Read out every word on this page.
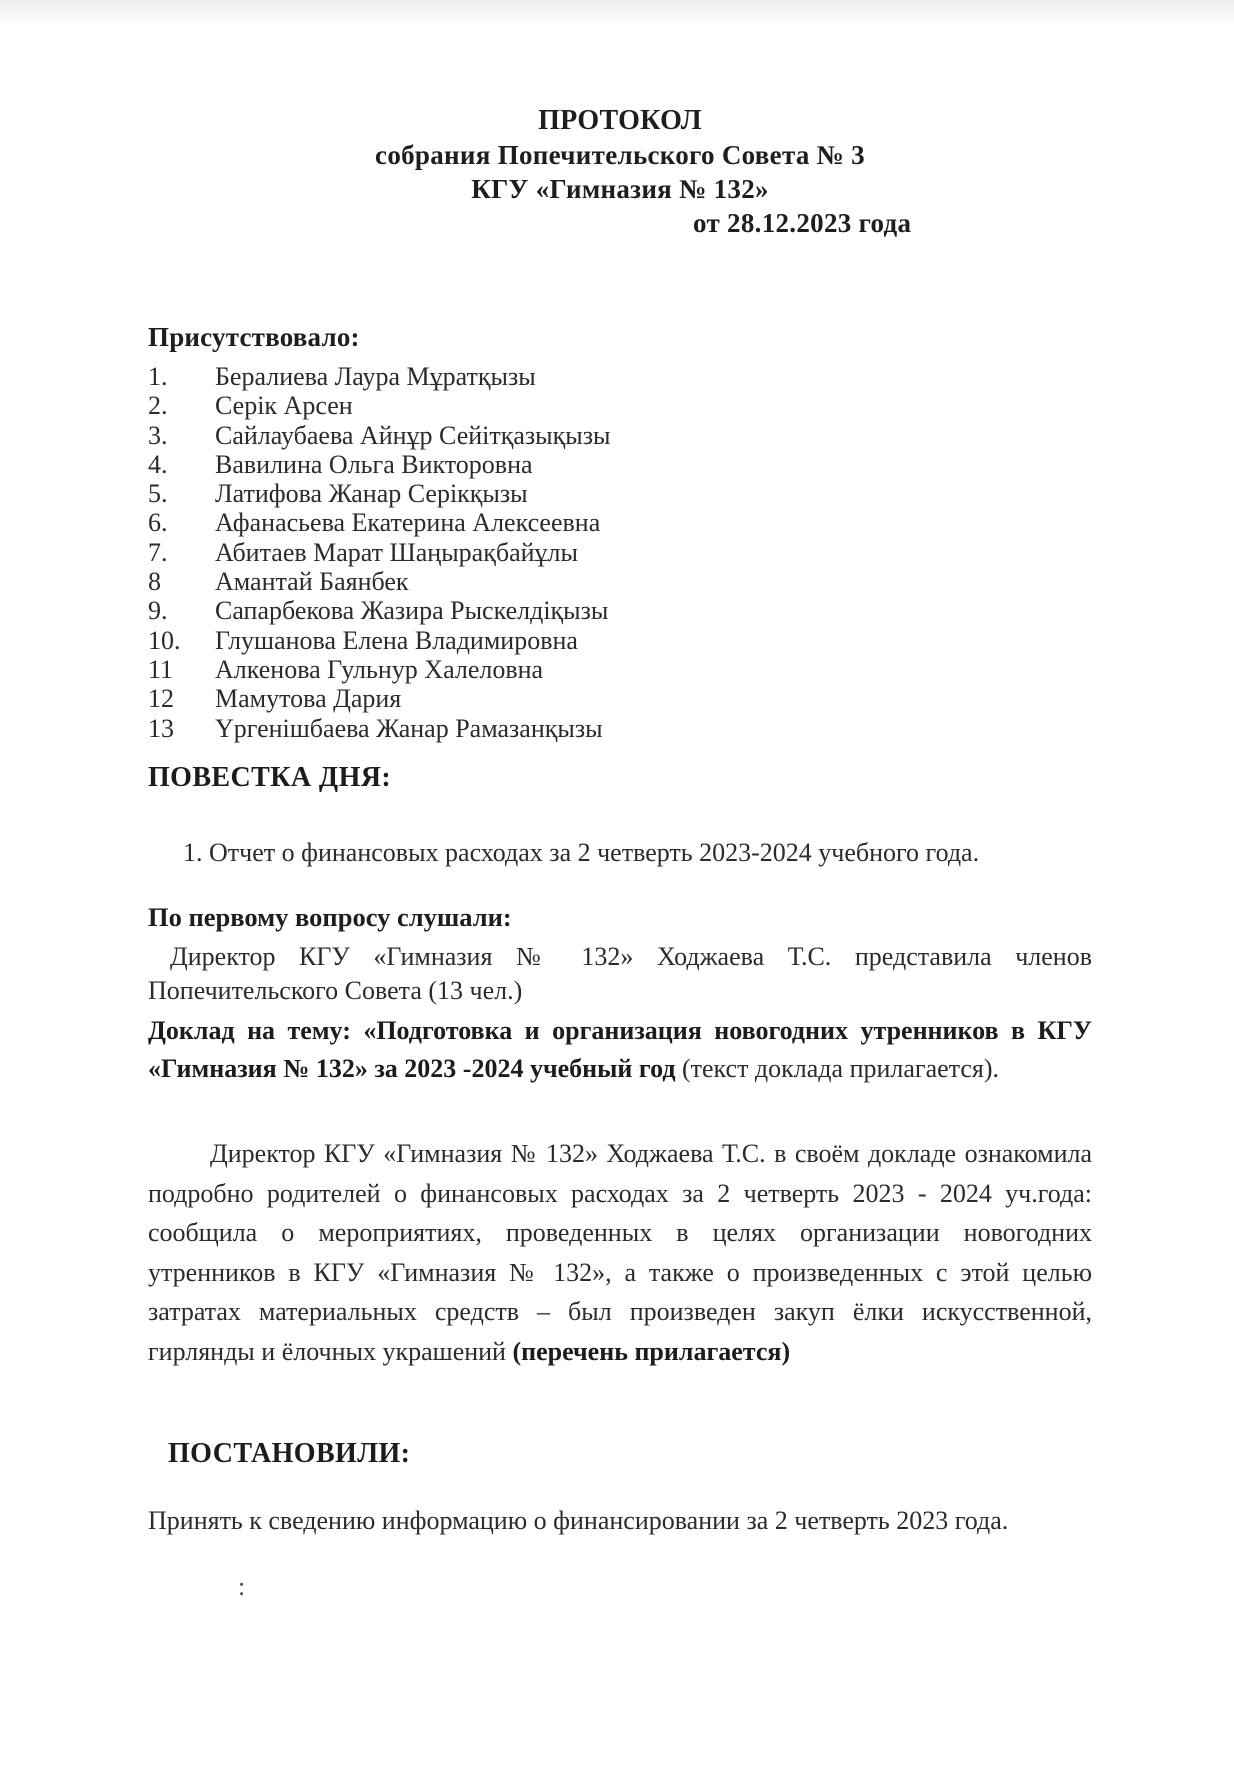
ПРОТОКОЛ
собрания Попечительского Совета № 3
КГУ «Гимназия № 132»
от 28.12.2023 года

Присутствовало:

1.	Бералиева Лаура Мұратқызы
2.	Серік Арсен
3.	Сайлаубаева Айнұр Сейітқазықызы
4.	Вавилина Ольга Викторовна
5.	Латифова Жанар Серікқызы
6.	Афанасьева Екатерина Алексеевна
7.	Абитаев Марат Шаңырақбайұлы
8	Амантай Баянбек
9.	Сапарбекова Жазира Рыскелдіқызы
10.	Глушанова Елена Владимировна
11	Алкенова Гульнур Халеловна
12	Мамутова Дария
13	Үргенішбаева Жанар Рамазанқызы
ПОВЕСТКА ДНЯ:
1. Отчет о финансовых расходах за 2 четверть 2023-2024 учебного года.

По первому вопросу слушали:

Директор КГУ «Гимназия № 132» Ходжаева Т.С. представила членов Попечительского Совета (13 чел.)

Доклад на тему: «Подготовка и организация новогодних утренников в КГУ «Гимназия № 132» за 2023 -2024 учебный год (текст доклада прилагается).

Директор КГУ «Гимназия № 132» Ходжаева Т.С. в своём докладе ознакомила подробно родителей о финансовых расходах за 2 четверть 2023 - 2024 уч.года: сообщила о мероприятиях, проведенных в целях организации новогодних утренников в КГУ «Гимназия № 132», а также о произведенных с этой целью затратах материальных средств – был произведен закуп ёлки искусственной, гирлянды и ёлочных украшений (перечень прилагается)
ПОСТАНОВИЛИ:
Принять к сведению информацию о финансировании за 2 четверть 2023 года.
:
